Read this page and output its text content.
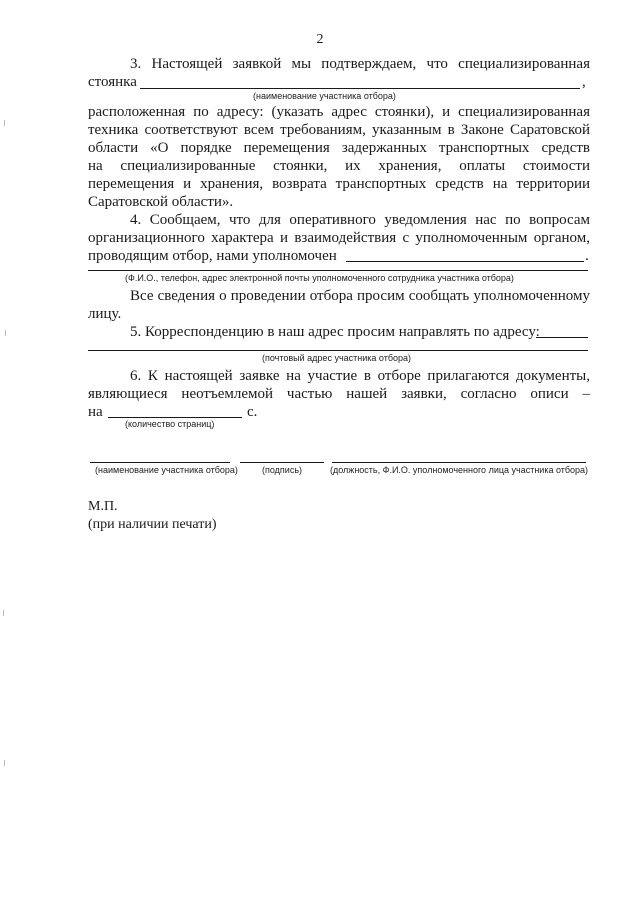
2
3. Настоящей заявкой мы подтверждаем, что специализированная
стоянка	,
(наименование участника отбора)
расположенная по адресу: (указать адрес стоянки), и специализированная
техника соответствуют всем требованиям, указанным в Законе Саратовской
области «О порядке перемещения задержанных транспортных средств
на специализированные стоянки, их хранения, оплаты стоимости
перемещения и хранения, возврата транспортных средств на территории
Саратовской области».
4. Сообщаем, что для оперативного уведомления нас по вопросам
организационного характера и взаимодействия с уполномоченным органом,
проводящим отбор, нами уполномочен	.
(Ф.И.О., телефон, адрес электронной почты уполномоченного сотрудника участника отбора)
Все сведения о проведении отбора просим сообщать уполномоченному
лицу.
5. Корреспонденцию в наш адрес просим направлять по адресу:
(почтовый адрес участника отбора)
6. К настоящей заявке на участие в отборе прилагаются документы,
являющиеся неотъемлемой частью нашей заявки, согласно описи –
на	с.
(количество страниц)
(наименование участника отбора)	(подпись)	(должность, Ф.И.О. уполномоченного лица участника отбора)
М.П.
(при наличии печати)
